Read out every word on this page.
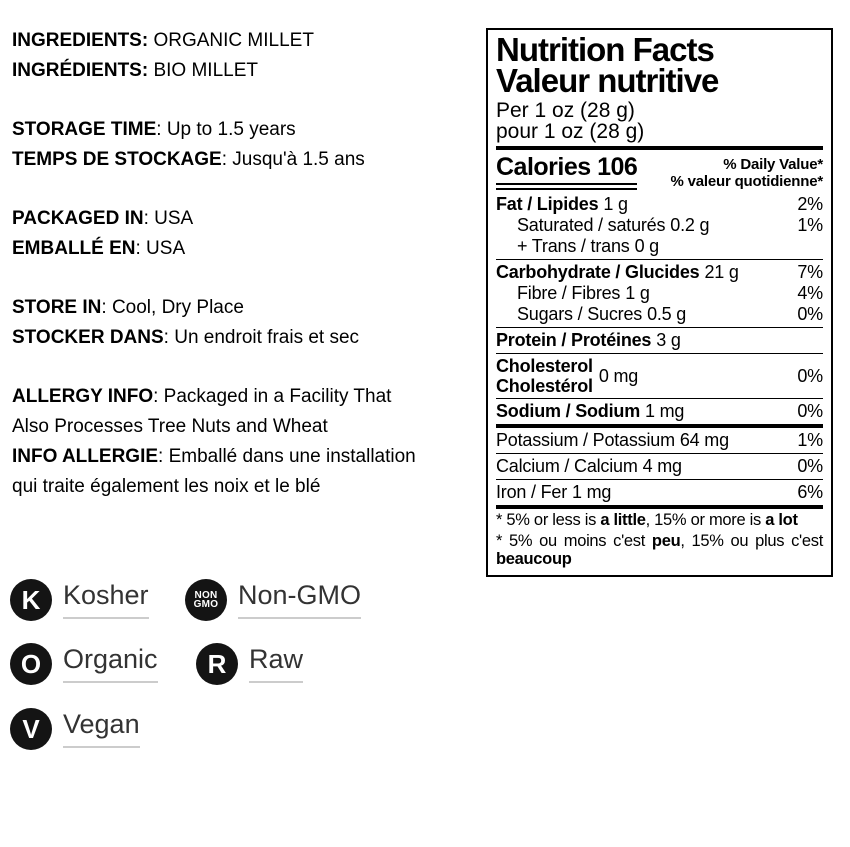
INGREDIENTS: ORGANIC MILLET
INGRÉDIENTS: BIO MILLET
STORAGE TIME: Up to 1.5 years
TEMPS DE STOCKAGE: Jusqu'à 1.5 ans
PACKAGED IN: USA
EMBALLÉ EN: USA
STORE IN: Cool, Dry Place
STOCKER DANS: Un endroit frais et sec
ALLERGY INFO: Packaged in a Facility That
Also Processes Tree Nuts and Wheat
INFO ALLERGIE: Emballé dans une installation
qui traite également les noix et le blé
Nutrition Facts
Valeur nutritive
Per 1 oz (28 g)
pour 1 oz (28 g)
Calories 106	% Daily Value*
% valeur quotidienne*
Fat / Lipides 1 g	2%
Saturated / saturés 0.2 g	1%
+ Trans / trans 0 g
Carbohydrate / Glucides 21 g	7%
Fibre / Fibres 1 g	4%
Sugars / Sucres 0.5 g	0%
Protein / Protéines 3 g
Cholesterol
Cholestérol 0 mg	0%
Sodium / Sodium 1 mg	0%
Potassium / Potassium 64 mg	1%
Calcium / Calcium 4 mg	0%
Iron / Fer 1 mg	6%
* 5% or less is a little, 15% or more is a lot
* 5% ou moins c'est peu, 15% ou plus c'est beaucoup
K Kosher	NON
GMO Non-GMO
O Organic R Raw
V Vegan
